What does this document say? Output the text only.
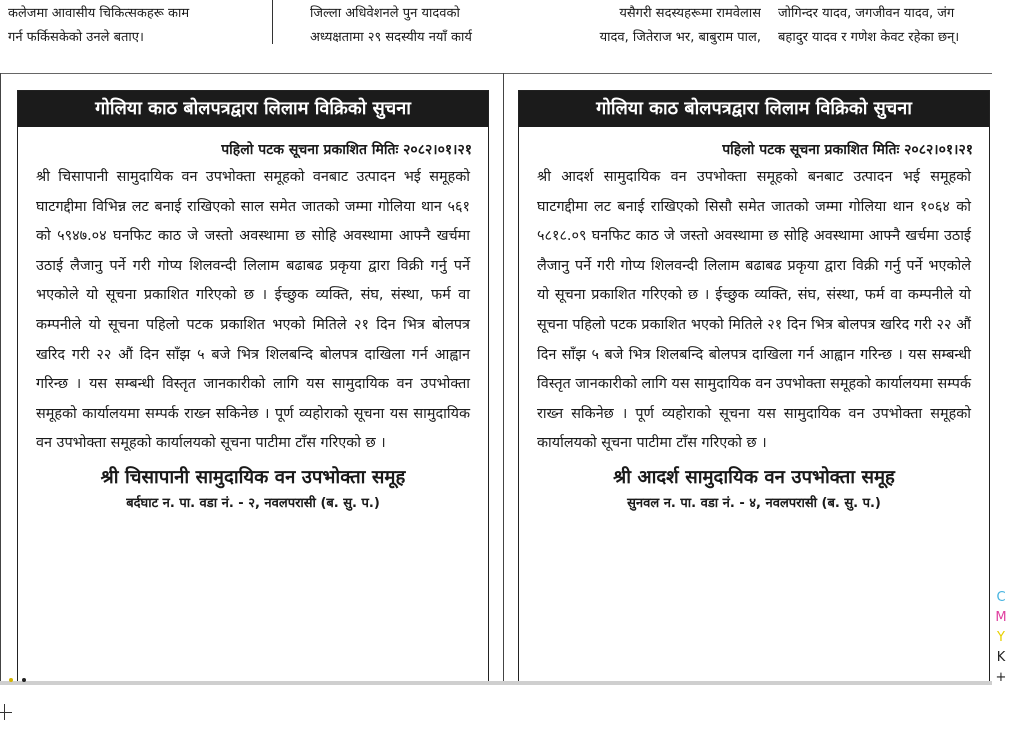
कलेजमा आवासीय चिकित्सकहरू काम
गर्न फर्किसकेको उनले बताए।
जिल्ला अधिवेशनले पुन यादवको
अध्यक्षतामा २९ सदस्यीय नयाँ कार्य
यसैगरी सदस्यहरूमा रामवेलास
यादव, जितेराज भर, बाबुराम पाल,
जोगिन्दर यादव, जगजीवन यादव, जंग
बहादुर यादव र गणेश केवट रहेका छन्।
गोलिया काठ बोलपत्रद्वारा लिलाम विक्रिको सुचना
पहिलो पटक सूचना प्रकाशित मितिः २०८२।०१।२१
श्री चिसापानी सामुदायिक वन उपभोक्ता समूहको वनबाट उत्पादन भई समूहको घाटगद्दीमा विभिन्न लट बनाई राखिएको साल समेत जातको जम्मा गोलिया थान ५६१ को ५९४७.०४ घनफिट काठ जे जस्तो अवस्थामा छ सोहि अवस्थामा आफ्नै खर्चमा उठाई लैजानु पर्ने गरी गोप्य शिलवन्दी लिलाम बढाबढ प्रकृया द्वारा विक्री गर्नु पर्ने भएकोले यो सूचना प्रकाशित गरिएको छ । ईच्छुक व्यक्ति, संघ, संस्था, फर्म वा कम्पनीले यो सूचना पहिलो पटक प्रकाशित भएको मितिले २१ दिन भित्र बोलपत्र खरिद गरी २२ औं दिन साँझ ५ बजे भित्र शिलबन्दि बोलपत्र दाखिला गर्न आह्वान गरिन्छ । यस सम्बन्धी विस्तृत जानकारीको लागि यस सामुदायिक वन उपभोक्ता समूहको कार्यालयमा सम्पर्क राख्न सकिनेछ । पूर्ण व्यहोराको सूचना यस सामुदायिक वन उपभोक्ता समूहको कार्यालयको सूचना पाटीमा टाँस गरिएको छ ।
श्री चिसापानी सामुदायिक वन उपभोक्ता समूह
बर्दघाट न. पा. वडा नं. - २, नवलपरासी (ब. सु. प.)
गोलिया काठ बोलपत्रद्वारा लिलाम विक्रिको सुचना
पहिलो पटक सूचना प्रकाशित मितिः २०८२।०१।२१
श्री आदर्श सामुदायिक वन उपभोक्ता समूहको बनबाट उत्पादन भई समूहको घाटगद्दीमा लट बनाई राखिएको सिसौ समेत जातको जम्मा गोलिया थान १०६४ को ५८१८.०९ घनफिट काठ जे जस्तो अवस्थामा छ सोहि अवस्थामा आफ्नै खर्चमा उठाई लैजानु पर्ने गरी गोप्य शिलवन्दी लिलाम बढाबढ प्रकृया द्वारा विक्री गर्नु पर्ने भएकोले यो सूचना प्रकाशित गरिएको छ । ईच्छुक व्यक्ति, संघ, संस्था, फर्म वा कम्पनीले यो सूचना पहिलो पटक प्रकाशित भएको मितिले २१ दिन भित्र बोलपत्र खरिद गरी २२ औं दिन साँझ ५ बजे भित्र शिलबन्दि बोलपत्र दाखिला गर्न आह्वान गरिन्छ । यस सम्बन्धी विस्तृत जानकारीको लागि यस सामुदायिक वन उपभोक्ता समूहको कार्यालयमा सम्पर्क राख्न सकिनेछ । पूर्ण व्यहोराको सूचना यस सामुदायिक वन उपभोक्ता समूहको कार्यालयको सूचना पाटीमा टाँस गरिएको छ ।
श्री आदर्श सामुदायिक वन उपभोक्ता समूह
सुनवल न. पा. वडा नं. - ४, नवलपरासी (ब. सु. प.)
C
M
Y
K
+
